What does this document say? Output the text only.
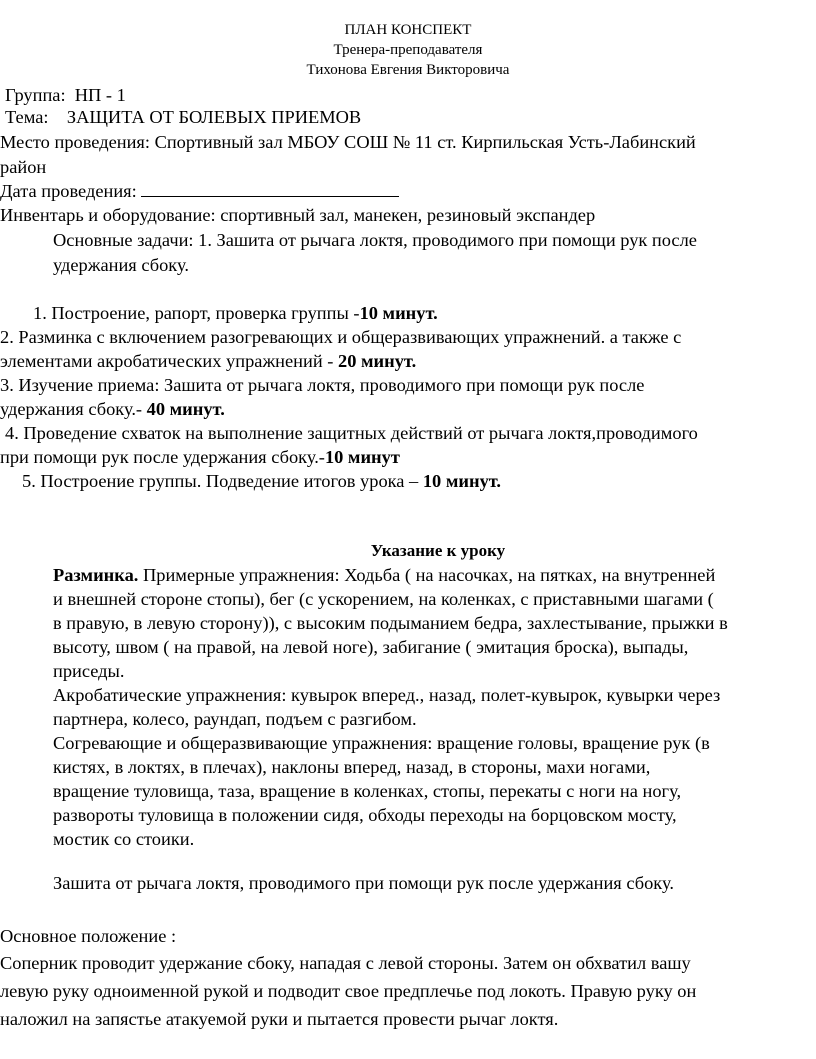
ПЛАН КОНСПЕКТ
Тренера-преподавателя
Тихонова Евгения Викторовича
Группа:  НП - 1
Тема:    ЗАЩИТА ОТ БОЛЕВЫХ ПРИЕМОВ
Место проведения: Спортивный зал МБОУ СОШ № 11 ст. Кирпильская Усть-Лабинский
район
Дата проведения:
Инвентарь и оборудование: спортивный зал, манекен, резиновый экспандер
Основные задачи: 1. Зашита от рычага локтя, проводимого при помощи рук после
удержания сбоку.
1. Построение, рапорт, проверка группы -10 минут.
2. Разминка с включением разогревающих и общеразвивающих упражнений. а также с
элементами акробатических упражнений - 20 минут.
3. Изучение приема: Зашита от рычага локтя, проводимого при помощи рук после
удержания сбоку.- 40 минут.
4. Проведение схваток на выполнение защитных действий от рычага локтя,проводимого
при помощи рук после удержания сбоку.-10 минут
5. Построение группы. Подведение итогов урока – 10 минут.
Указание к уроку
Разминка. Примерные упражнения: Ходьба ( на насочках, на пятках, на внутренней
и внешней стороне стопы), бег (с ускорением, на коленках, с приставными шагами (
в правую, в левую сторону)), с высоким подыманием бедра, захлестывание, прыжки в
высоту, швом ( на правой, на левой ноге), забигание ( эмитация броска), выпады,
приседы.
Акробатические упражнения: кувырок вперед., назад, полет-кувырок, кувырки через
партнера, колесо, раундап, подъем с разгибом.
Согревающие и общеразвивающие упражнения: вращение головы, вращение рук (в
кистях, в локтях, в плечах), наклоны вперед, назад, в стороны, махи ногами,
вращение туловища, таза, вращение в коленках, стопы, перекаты с ноги на ногу,
развороты туловища в положении сидя, обходы переходы на борцовском мосту,
мостик со стоики.
Зашита от рычага локтя, проводимого при помощи рук после удержания сбоку.
Основное положение :
Соперник проводит удержание сбоку, нападая с левой стороны. Затем он обхватил вашу
левую руку одноименной рукой и подводит свое предплечье под локоть. Правую руку он
наложил на запястье атакуемой руки и пытается провести рычаг локтя.
